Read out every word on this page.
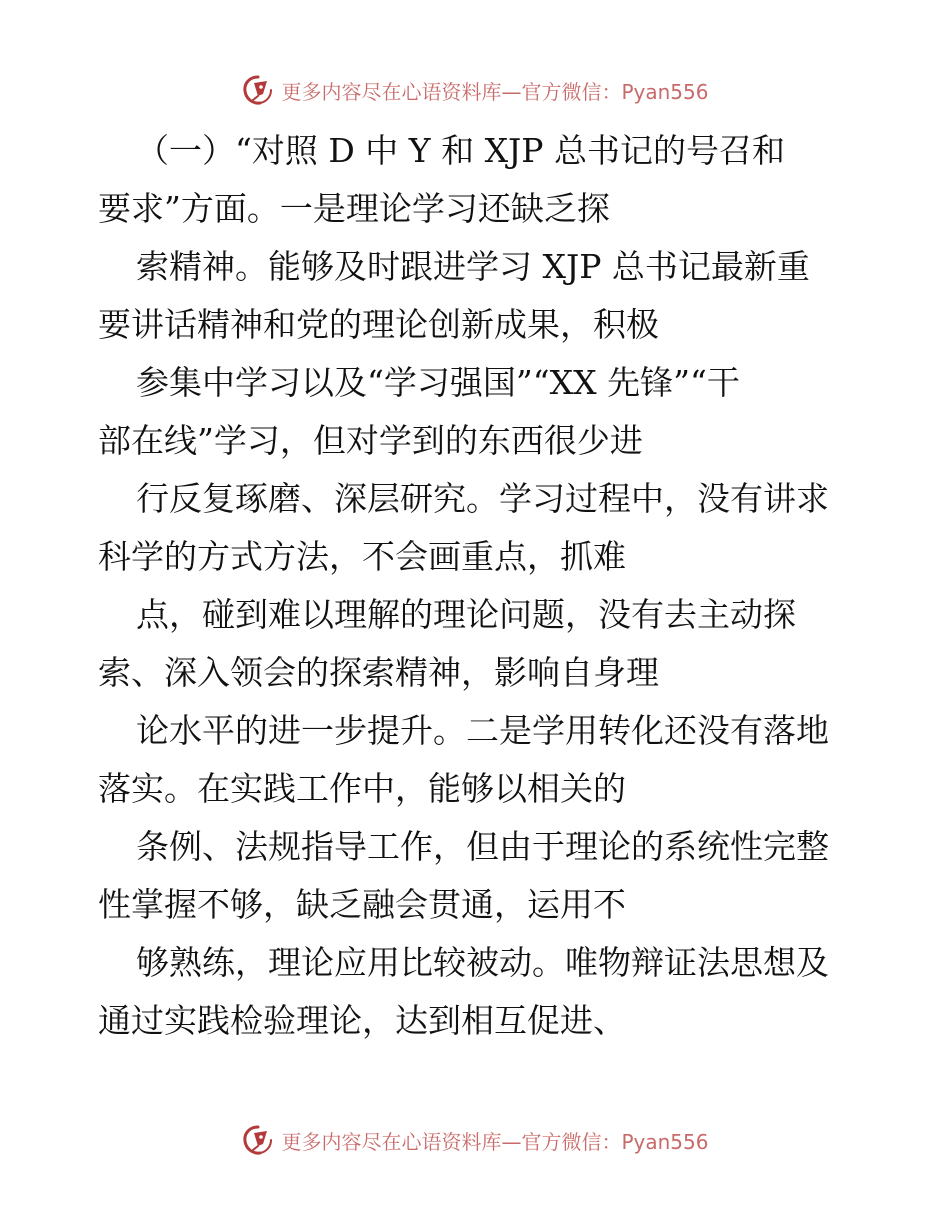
更多内容尽在心语资料库—官方微信：Pyan556
（一）“对照 D 中 Y 和 XJP 总书记的号召和
要求”方面。一是理论学习还缺乏探
索精神。能够及时跟进学习 XJP 总书记最新重
要讲话精神和党的理论创新成果，积极
参集中学习以及“学习强国”“XX 先锋”“干
部在线”学习，但对学到的东西很少进
行反复琢磨、深层研究。学习过程中，没有讲求
科学的方式方法，不会画重点，抓难
点，碰到难以理解的理论问题，没有去主动探
索、深入领会的探索精神，影响自身理
论水平的进一步提升。二是学用转化还没有落地
落实。在实践工作中，能够以相关的
条例、法规指导工作，但由于理论的系统性完整
性掌握不够，缺乏融会贯通，运用不
够熟练，理论应用比较被动。唯物辩证法思想及
通过实践检验理论，达到相互促进、
更多内容尽在心语资料库—官方微信：Pyan556
